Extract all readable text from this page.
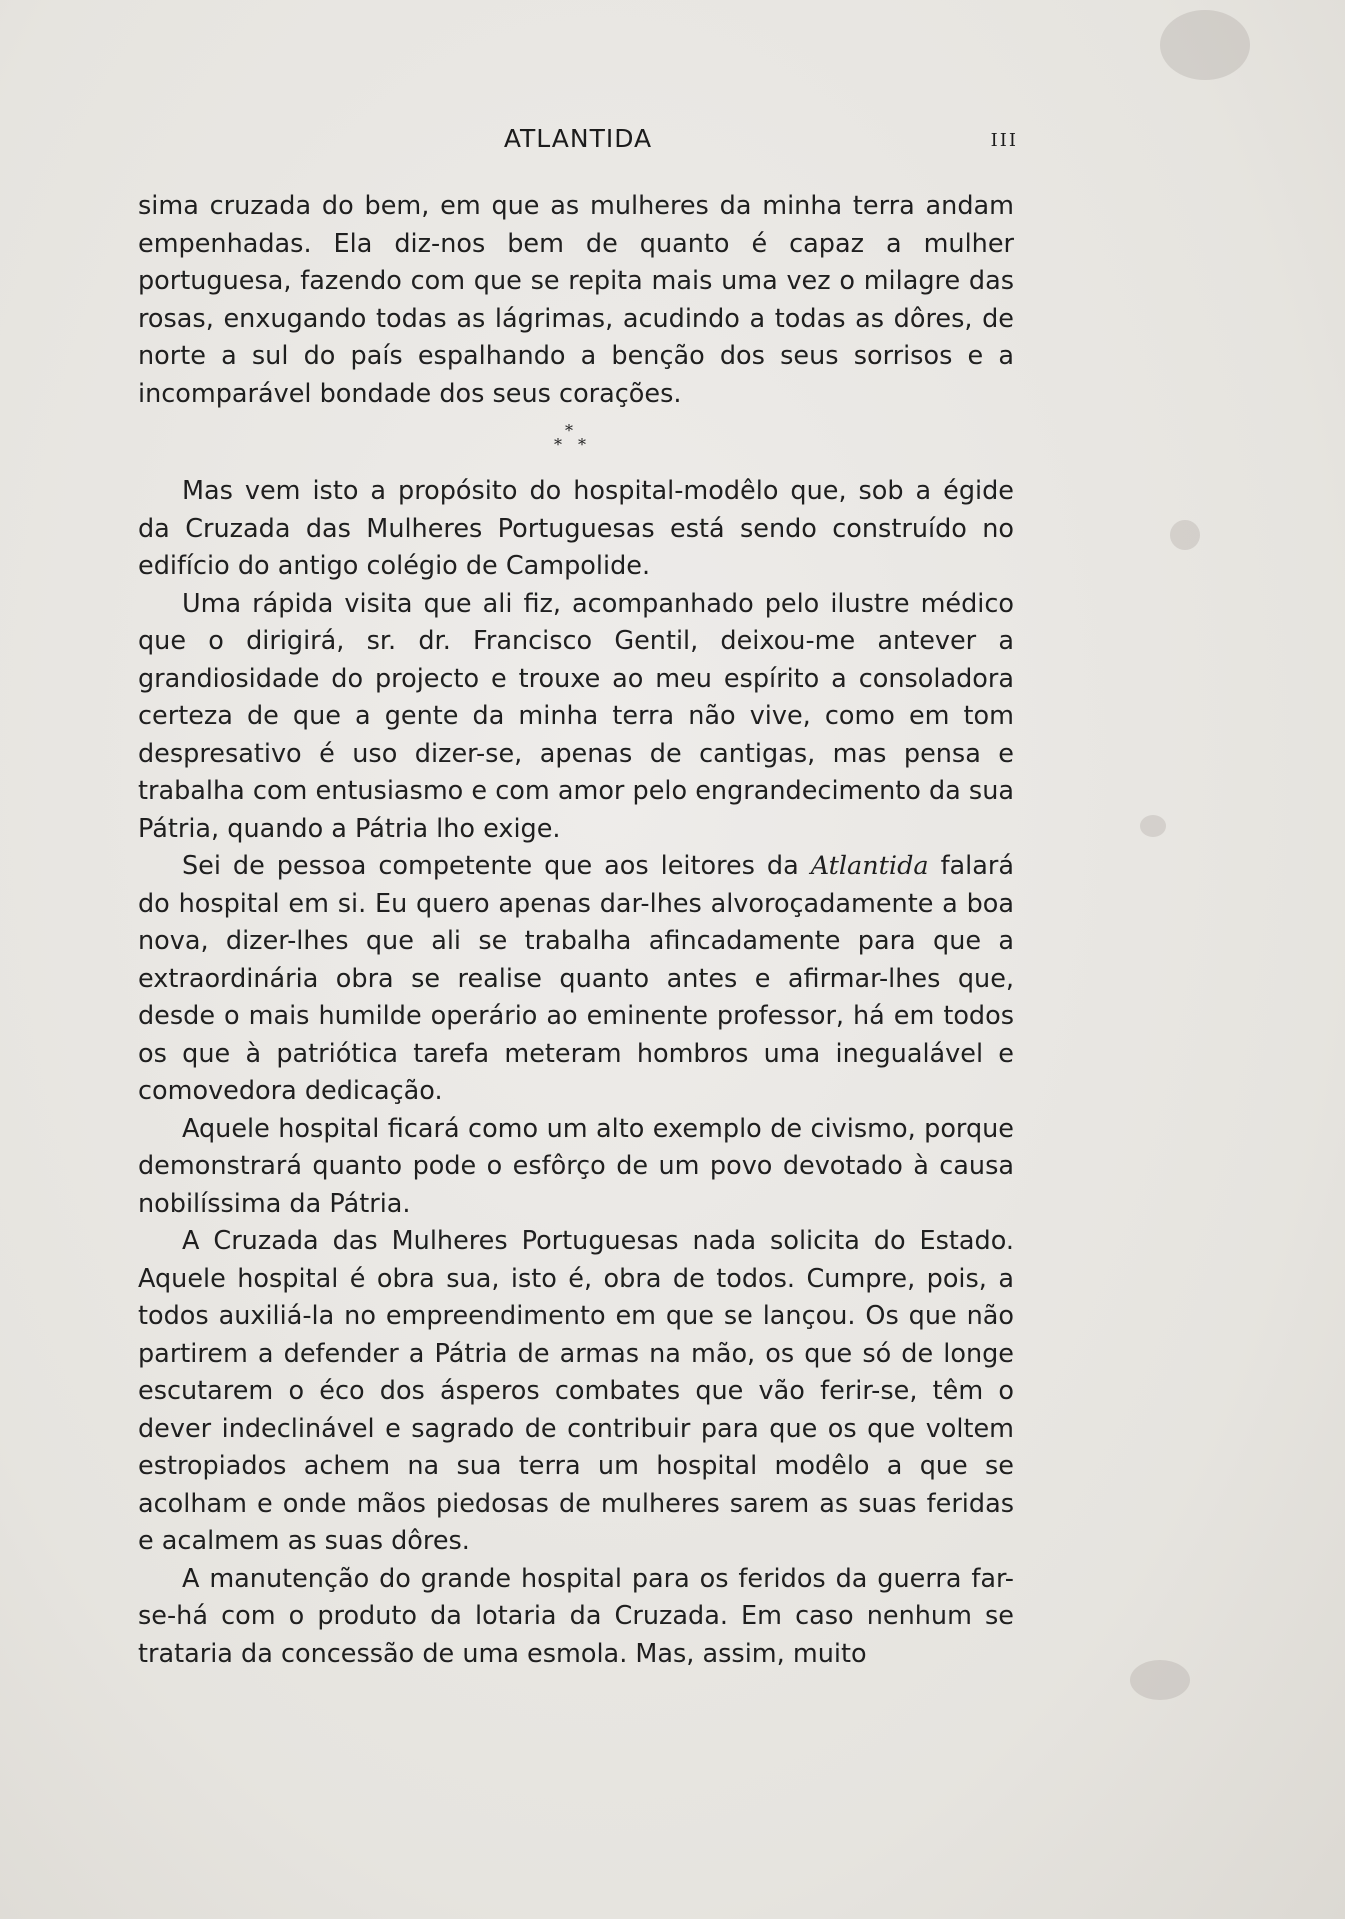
ATLANTIDA	III

sima cruzada do bem, em que as mulheres da minha terra andam empenhadas. Ela diz-nos bem de quanto é capaz a mulher portuguesa, fazendo com que se repita mais uma vez o milagre das rosas, enxugando todas as lágrimas, acudindo a todas as dôres, de norte a sul do país espalhando a benção dos seus sorrisos e a incomparável bondade dos seus corações.

*
* *

Mas vem isto a propósito do hospital-modêlo que, sob a égide da Cruzada das Mulheres Portuguesas está sendo construído no edifício do antigo colégio de Campolide.

Uma rápida visita que ali fiz, acompanhado pelo ilustre médico que o dirigirá, sr. dr. Francisco Gentil, deixou-me antever a grandiosidade do projecto e trouxe ao meu espírito a consoladora certeza de que a gente da minha terra não vive, como em tom despresativo é uso dizer-se, apenas de cantigas, mas pensa e trabalha com entusiasmo e com amor pelo engrandecimento da sua Pátria, quando a Pátria lho exige.

Sei de pessoa competente que aos leitores da Atlantida falará do hospital em si. Eu quero apenas dar-lhes alvoroçadamente a boa nova, dizer-lhes que ali se trabalha afincadamente para que a extraordinária obra se realise quanto antes e afirmar-lhes que, desde o mais humilde operário ao eminente professor, há em todos os que à patriótica tarefa meteram hombros uma inegualável e comovedora dedicação.

Aquele hospital ficará como um alto exemplo de civismo, porque demonstrará quanto pode o esfôrço de um povo devotado à causa nobilíssima da Pátria.

A Cruzada das Mulheres Portuguesas nada solicita do Estado. Aquele hospital é obra sua, isto é, obra de todos. Cumpre, pois, a todos auxiliá-la no empreendimento em que se lançou. Os que não partirem a defender a Pátria de armas na mão, os que só de longe escutarem o éco dos ásperos combates que vão ferir-se, têm o dever indeclinável e sagrado de contribuir para que os que voltem estropiados achem na sua terra um hospital modêlo a que se acolham e onde mãos piedosas de mulheres sarem as suas feridas e acalmem as suas dôres.

A manutenção do grande hospital para os feridos da guerra far-se-há com o produto da lotaria da Cruzada. Em caso nenhum se trataria da concessão de uma esmola. Mas, assim, muito
